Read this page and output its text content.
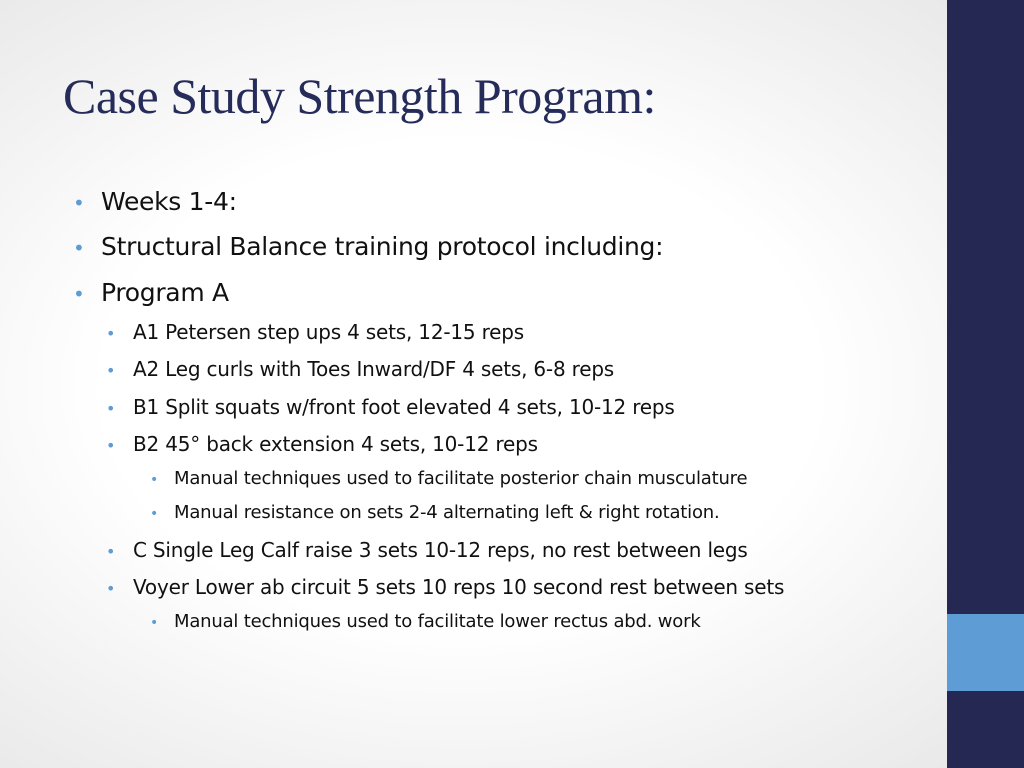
Case Study Strength Program:
• Weeks 1-4:
• Structural Balance training protocol including:
• Program A
• A1 Petersen step ups 4 sets, 12-15 reps
• A2 Leg curls with Toes Inward/DF 4 sets, 6-8 reps
• B1 Split squats w/front foot elevated 4 sets, 10-12 reps
• B2 45° back extension 4 sets, 10-12 reps
• Manual techniques used to facilitate posterior chain musculature
• Manual resistance on sets 2-4 alternating left & right rotation.
• C Single Leg Calf raise 3 sets 10-12 reps, no rest between legs
• Voyer Lower ab circuit 5 sets 10 reps 10 second rest between sets
• Manual techniques used to facilitate lower rectus abd. work
